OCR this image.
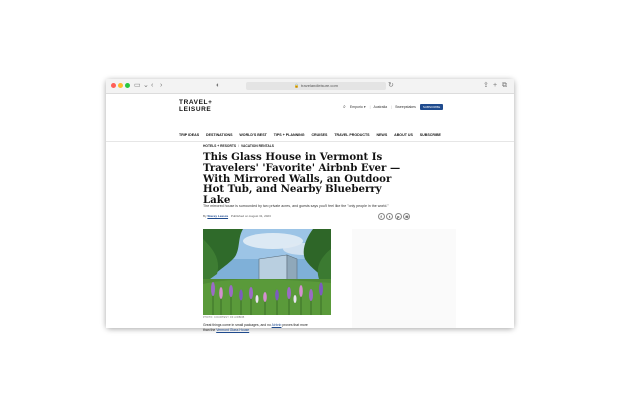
▭ ⌄ ‹ ›	◐	🔒 travelandleisure.com	↻	⇪ + ⧉
TRAVEL+
LEISURE	⌕ Emporio ▾ | Australia | Sweepstakes	SUBSCRIBE
TRIP IDEAS DESTINATIONS WORLD'S BEST TIPS + PLANNING CRUISES TRAVEL PRODUCTS NEWS ABOUT US SUBSCRIBE
HOTELS + RESORTS / VACATION RENTALS
This Glass House in Vermont Is Travelers' 'Favorite' Airbnb Ever — With Mirrored Walls, an Outdoor Hot Tub, and Nearby Blueberry Lake
The mirrored house is surrounded by two private acres, and guests says you'll feel like the "only people in the world."
By Stacey Leasca Published on August 31, 2023	f	t	p	✉
PHOTO: COURTESY OF AIRBNB
Great things come in small packages, and no Airbnb proves that more
than the Vermont Glass House
